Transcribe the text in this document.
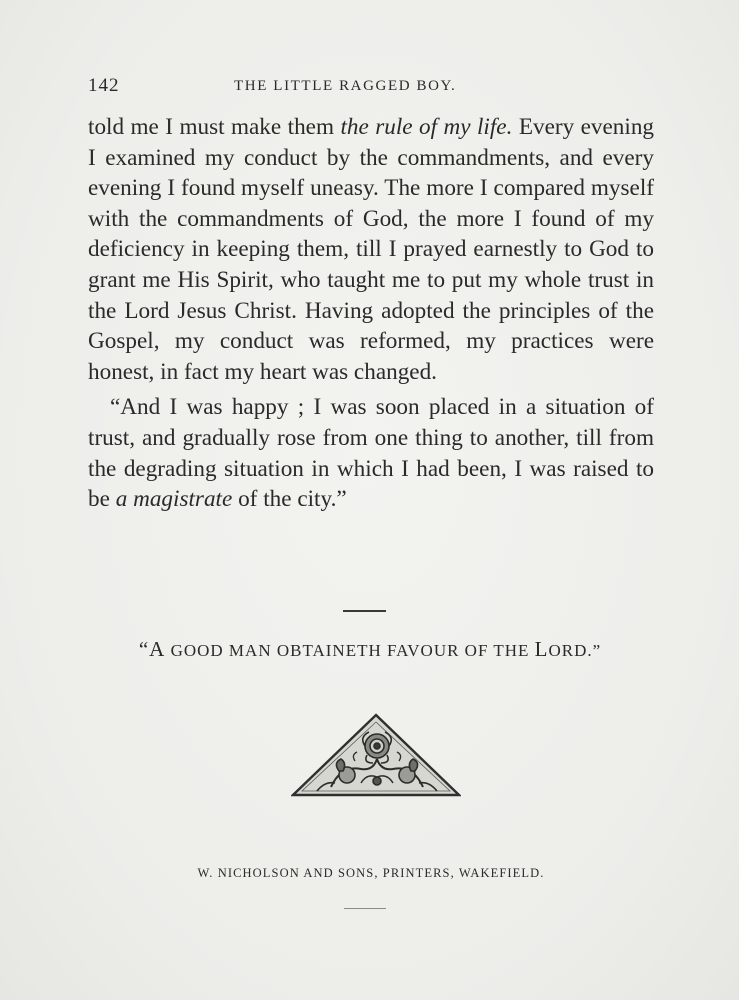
142	THE LITTLE RAGGED BOY.

told me I must make them the rule of my life. Every evening I examined my conduct by the commandments, and every evening I found myself uneasy. The more I compared myself with the commandments of God, the more I found of my deficiency in keeping them, till I prayed earnestly to God to grant me His Spirit, who taught me to put my whole trust in the Lord Jesus Christ. Having adopted the principles of the Gospel, my conduct was reformed, my practices were honest, in fact my heart was changed.

“And I was happy ; I was soon placed in a situation of trust, and gradually rose from one thing to another, till from the degrading situation in which I had been, I was raised to be a magistrate of the city.”

“A GOOD MAN OBTAINETH FAVOUR OF THE LORD.”
W. NICHOLSON AND SONS, PRINTERS, WAKEFIELD.
